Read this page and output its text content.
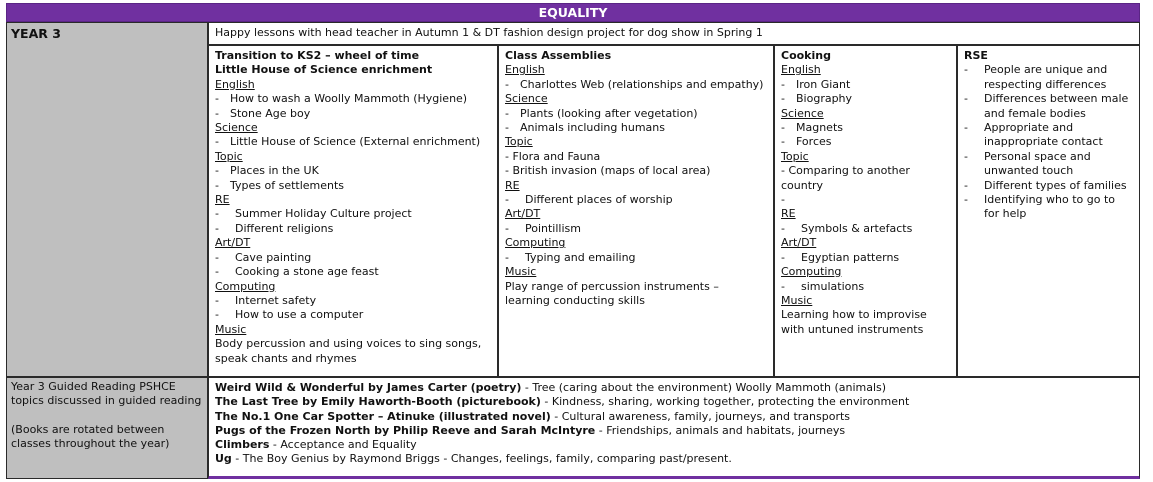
EQUALITY
YEAR 3	Happy lessons with head teacher in Autumn 1 & DT fashion design project for dog show in Spring 1
Transition to KS2 – wheel of time
Little House of Science enrichment
English
- How to wash a Woolly Mammoth (Hygiene)
- Stone Age boy
Science
- Little House of Science (External enrichment)
Topic
- Places in the UK
- Types of settlements
RE
- Summer Holiday Culture project
- Different religions
Art/DT
- Cave painting
- Cooking a stone age feast
Computing
- Internet safety
- How to use a computer
Music
Body percussion and using voices to sing songs, speak chants and rhymes
Class Assemblies
English
- Charlottes Web (relationships and empathy)
Science
- Plants (looking after vegetation)
- Animals including humans
Topic
- Flora and Fauna
- British invasion (maps of local area)
RE
- Different places of worship
Art/DT
- Pointillism
Computing
- Typing and emailing
Music
Play range of percussion instruments – learning conducting skills
Cooking
English
- Iron Giant
- Biography
Science
- Magnets
- Forces
Topic
- Comparing to another country
-
RE
- Symbols & artefacts
Art/DT
- Egyptian patterns
Computing
- simulations
Music
Learning how to improvise with untuned instruments
RSE
- People are unique and respecting differences
- Differences between male and female bodies
- Appropriate and inappropriate contact
- Personal space and unwanted touch
- Different types of families
- Identifying who to go to for help
Year 3 Guided Reading PSHCE topics discussed in guided reading
(Books are rotated between classes throughout the year)
Weird Wild & Wonderful by James Carter (poetry) - Tree (caring about the environment) Woolly Mammoth (animals)
The Last Tree by Emily Haworth-Booth (picturebook) - Kindness, sharing, working together, protecting the environment
The No.1 One Car Spotter – Atinuke (illustrated novel) - Cultural awareness, family, journeys, and transports
Pugs of the Frozen North by Philip Reeve and Sarah McIntyre - Friendships, animals and habitats, journeys
Climbers - Acceptance and Equality
Ug - The Boy Genius by Raymond Briggs - Changes, feelings, family, comparing past/present.
